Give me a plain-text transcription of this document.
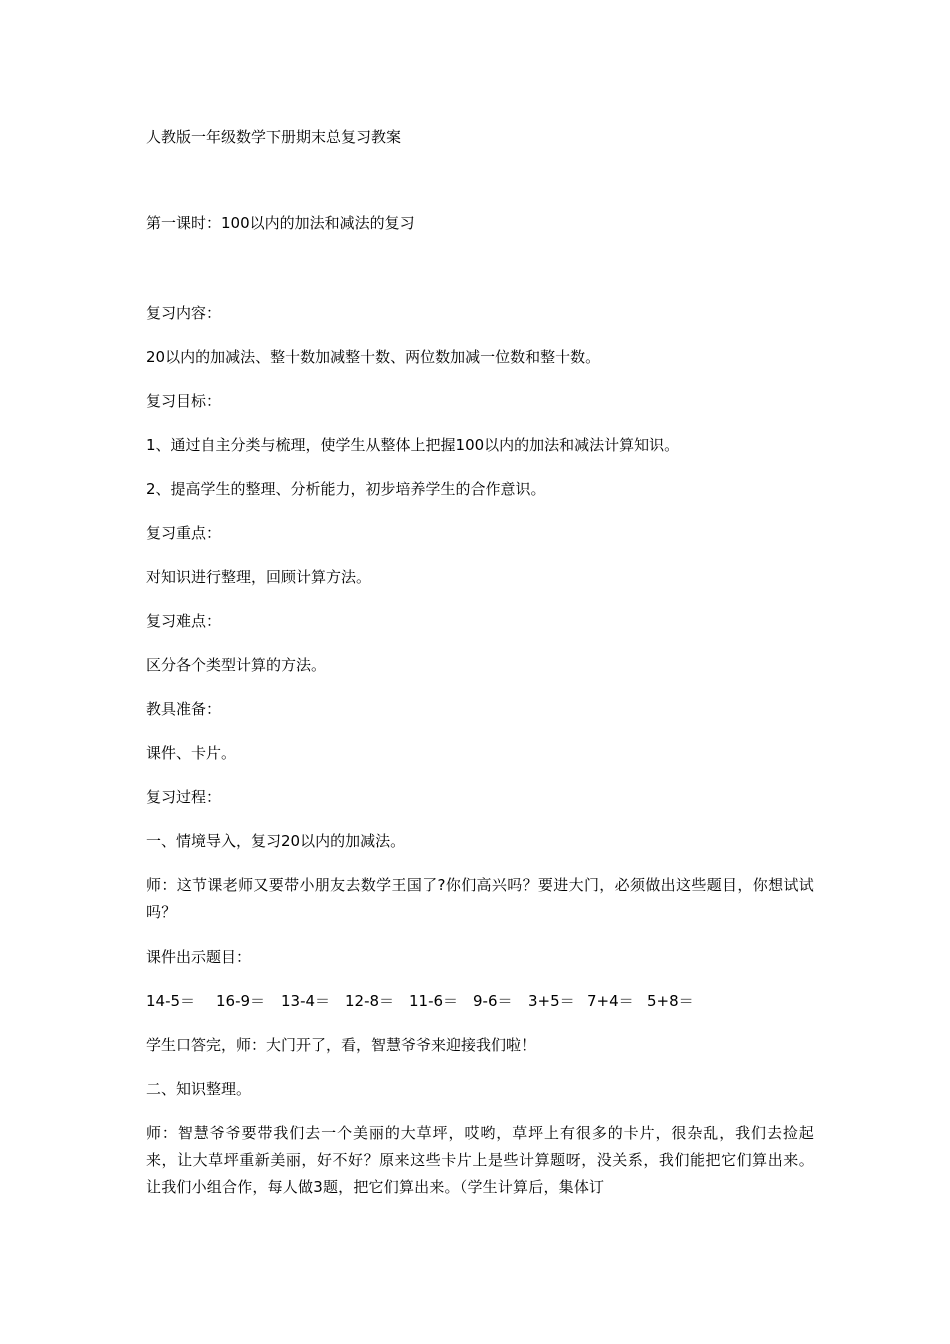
人教版一年级数学下册期末总复习教案
第一课时：100以内的加法和减法的复习
复习内容：
20以内的加减法、整十数加减整十数、两位数加减一位数和整十数。
复习目标：
1、通过自主分类与梳理，使学生从整体上把握100以内的加法和减法计算知识。
2、提高学生的整理、分析能力，初步培养学生的合作意识。
复习重点：
对知识进行整理，回顾计算方法。
复习难点：
区分各个类型计算的方法。
教具准备：
课件、卡片。
复习过程：
一、情境导入，复习20以内的加减法。
师：这节课老师又要带小朋友去数学王国了?你们高兴吗？要进大门，必须做出这些题目，你想试试吗？
课件出示题目：
14-5＝ 16-9＝ 13-4＝ 12-8＝ 11-6＝ 9-6＝ 3+5＝ 7+4＝ 5+8＝
学生口答完，师：大门开了，看，智慧爷爷来迎接我们啦！
二、知识整理。
师：智慧爷爷要带我们去一个美丽的大草坪，哎哟，草坪上有很多的卡片，很杂乱，我们去捡起来，让大草坪重新美丽，好不好？原来这些卡片上是些计算题呀，没关系，我们能把它们算出来。让我们小组合作，每人做3题，把它们算出来。（学生计算后，集体订
